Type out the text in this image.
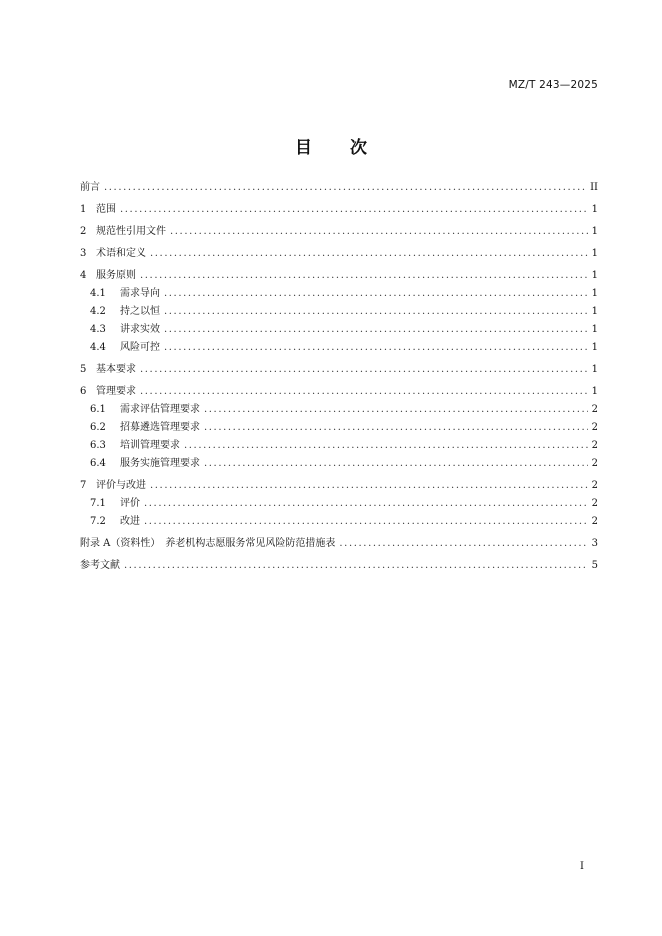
MZ/T 243—2025
目 次
前言 .....	II
1 范围 .....	1
2 规范性引用文件 .....	1
3 术语和定义 .....	1
4 服务原则 .....	1
4.1	需求导向 .....	1
4.2	持之以恒 .....	1
4.3	讲求实效 .....	1
4.4	风险可控 .....	1
5 基本要求 .....	1
6 管理要求 .....	1
6.1	需求评估管理要求 .....	2
6.2	招募遴选管理要求 .....	2
6.3	培训管理要求 .....	2
6.4	服务实施管理要求 .....	2
7 评价与改进 .....	2
7.1	评价 .....	2
7.2	改进 .....	2
附录 A（资料性）　养老机构志愿服务常见风险防范措施表 .....	3
参考文献 .....	5
I
